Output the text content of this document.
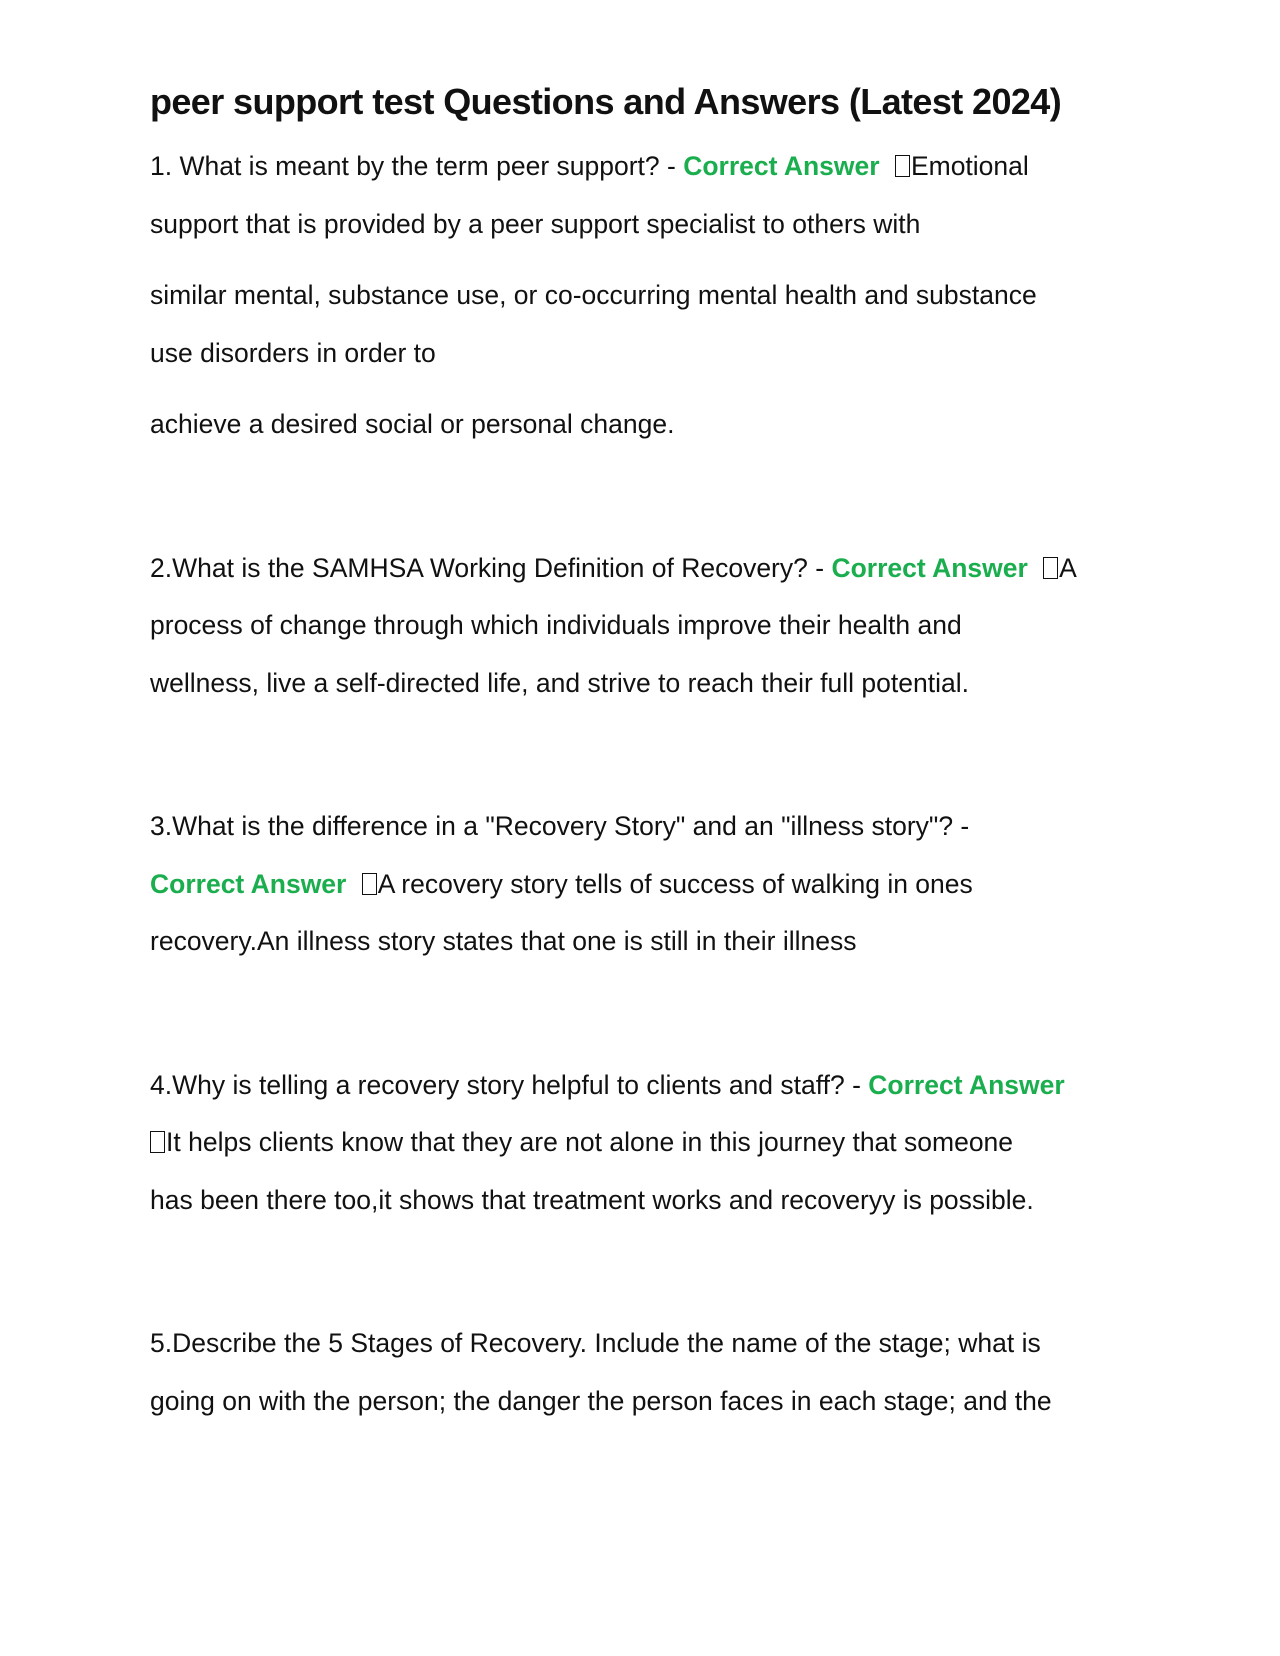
peer support test Questions and Answers (Latest 2024)

1. What is meant by the term peer support? - Correct Answer Emotional

support that is provided by a peer support specialist to others with

similar mental, substance use, or co-occurring mental health and substance

use disorders in order to

achieve a desired social or personal change.

2.What is the SAMHSA Working Definition of Recovery? - Correct Answer A

process of change through which individuals improve their health and

wellness, live a self-directed life, and strive to reach their full potential.

3.What is the difference in a "Recovery Story" and an "illness story"? -

Correct Answer A recovery story tells of success of walking in ones

recovery.An illness story states that one is still in their illness

4.Why is telling a recovery story helpful to clients and staff? - Correct Answer

It helps clients know that they are not alone in this journey that someone

has been there too,it shows that treatment works and recoveryy is possible.

5.Describe the 5 Stages of Recovery. Include the name of the stage; what is

going on with the person; the danger the person faces in each stage; and the
